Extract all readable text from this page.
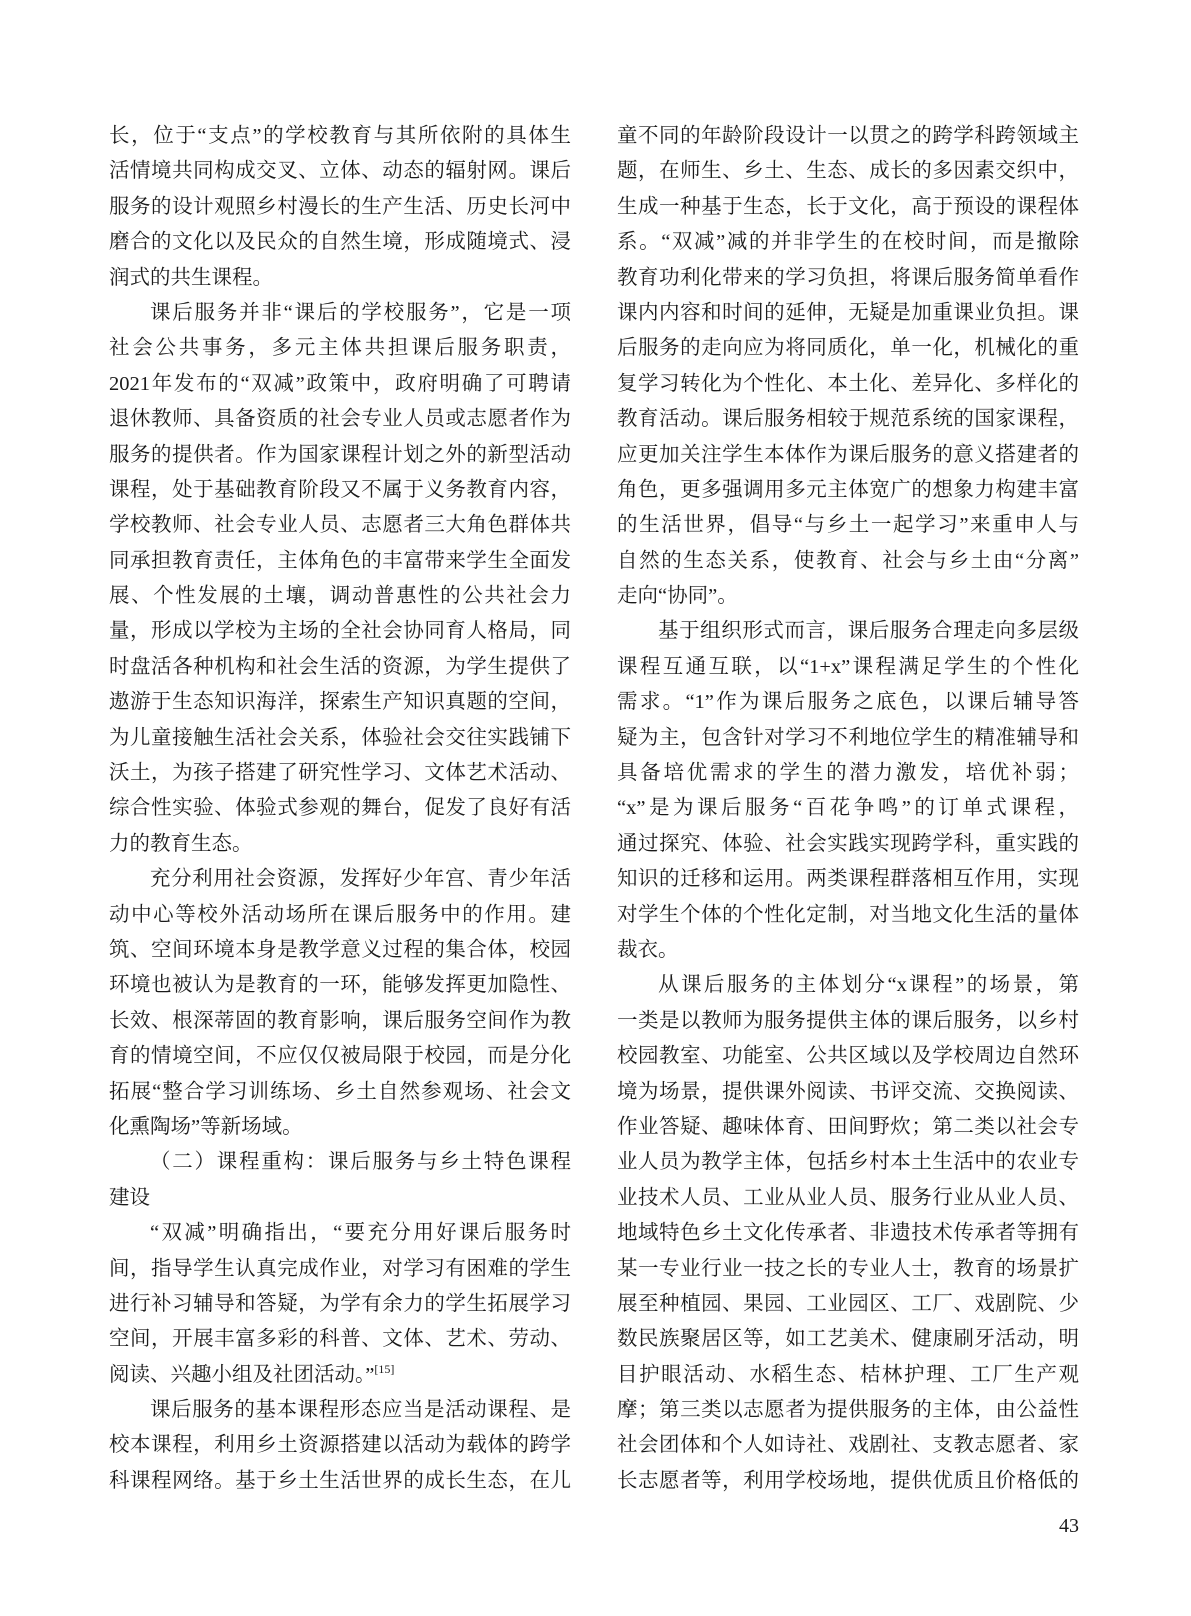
长，位于“支点”的学校教育与其所依附的具体生
活情境共同构成交叉、立体、动态的辐射网。课后
服务的设计观照乡村漫长的生产生活、历史长河中
磨合的文化以及民众的自然生境，形成随境式、浸
润式的共生课程。
课后服务并非“课后的学校服务”，它是一项
社会公共事务，多元主体共担课后服务职责，
2021年发布的“双减”政策中，政府明确了可聘请
退休教师、具备资质的社会专业人员或志愿者作为
服务的提供者。作为国家课程计划之外的新型活动
课程，处于基础教育阶段又不属于义务教育内容，
学校教师、社会专业人员、志愿者三大角色群体共
同承担教育责任，主体角色的丰富带来学生全面发
展、个性发展的土壤，调动普惠性的公共社会力
量，形成以学校为主场的全社会协同育人格局，同
时盘活各种机构和社会生活的资源，为学生提供了
遨游于生态知识海洋，探索生产知识真题的空间，
为儿童接触生活社会关系，体验社会交往实践铺下
沃土，为孩子搭建了研究性学习、文体艺术活动、
综合性实验、体验式参观的舞台，促发了良好有活
力的教育生态。
充分利用社会资源，发挥好少年宫、青少年活
动中心等校外活动场所在课后服务中的作用。建
筑、空间环境本身是教学意义过程的集合体，校园
环境也被认为是教育的一环，能够发挥更加隐性、
长效、根深蒂固的教育影响，课后服务空间作为教
育的情境空间，不应仅仅被局限于校园，而是分化
拓展“整合学习训练场、乡土自然参观场、社会文
化熏陶场”等新场域。
（二）课程重构：课后服务与乡土特色课程
建设
“双减”明确指出，“要充分用好课后服务时
间，指导学生认真完成作业，对学习有困难的学生
进行补习辅导和答疑，为学有余力的学生拓展学习
空间，开展丰富多彩的科普、文体、艺术、劳动、
阅读、兴趣小组及社团活动。”[15]
课后服务的基本课程形态应当是活动课程、是
校本课程，利用乡土资源搭建以活动为载体的跨学
科课程网络。基于乡土生活世界的成长生态，在儿
童不同的年龄阶段设计一以贯之的跨学科跨领域主
题，在师生、乡土、生态、成长的多因素交织中，
生成一种基于生态，长于文化，高于预设的课程体
系。“双减”减的并非学生的在校时间，而是撤除
教育功利化带来的学习负担，将课后服务简单看作
课内内容和时间的延伸，无疑是加重课业负担。课
后服务的走向应为将同质化，单一化，机械化的重
复学习转化为个性化、本土化、差异化、多样化的
教育活动。课后服务相较于规范系统的国家课程，
应更加关注学生本体作为课后服务的意义搭建者的
角色，更多强调用多元主体宽广的想象力构建丰富
的生活世界，倡导“与乡土一起学习”来重申人与
自然的生态关系，使教育、社会与乡土由“分离”
走向“协同”。
基于组织形式而言，课后服务合理走向多层级
课程互通互联，以“1+x”课程满足学生的个性化
需求。“1”作为课后服务之底色，以课后辅导答
疑为主，包含针对学习不利地位学生的精准辅导和
具备培优需求的学生的潜力激发，培优补弱；
“x”是为课后服务“百花争鸣”的订单式课程，
通过探究、体验、社会实践实现跨学科，重实践的
知识的迁移和运用。两类课程群落相互作用，实现
对学生个体的个性化定制，对当地文化生活的量体
裁衣。
从课后服务的主体划分“x课程”的场景，第
一类是以教师为服务提供主体的课后服务，以乡村
校园教室、功能室、公共区域以及学校周边自然环
境为场景，提供课外阅读、书评交流、交换阅读、
作业答疑、趣味体育、田间野炊；第二类以社会专
业人员为教学主体，包括乡村本土生活中的农业专
业技术人员、工业从业人员、服务行业从业人员、
地域特色乡土文化传承者、非遗技术传承者等拥有
某一专业行业一技之长的专业人士，教育的场景扩
展至种植园、果园、工业园区、工厂、戏剧院、少
数民族聚居区等，如工艺美术、健康刷牙活动，明
目护眼活动、水稻生态、桔林护理、工厂生产观
摩；第三类以志愿者为提供服务的主体，由公益性
社会团体和个人如诗社、戏剧社、支教志愿者、家
长志愿者等，利用学校场地，提供优质且价格低的
43
